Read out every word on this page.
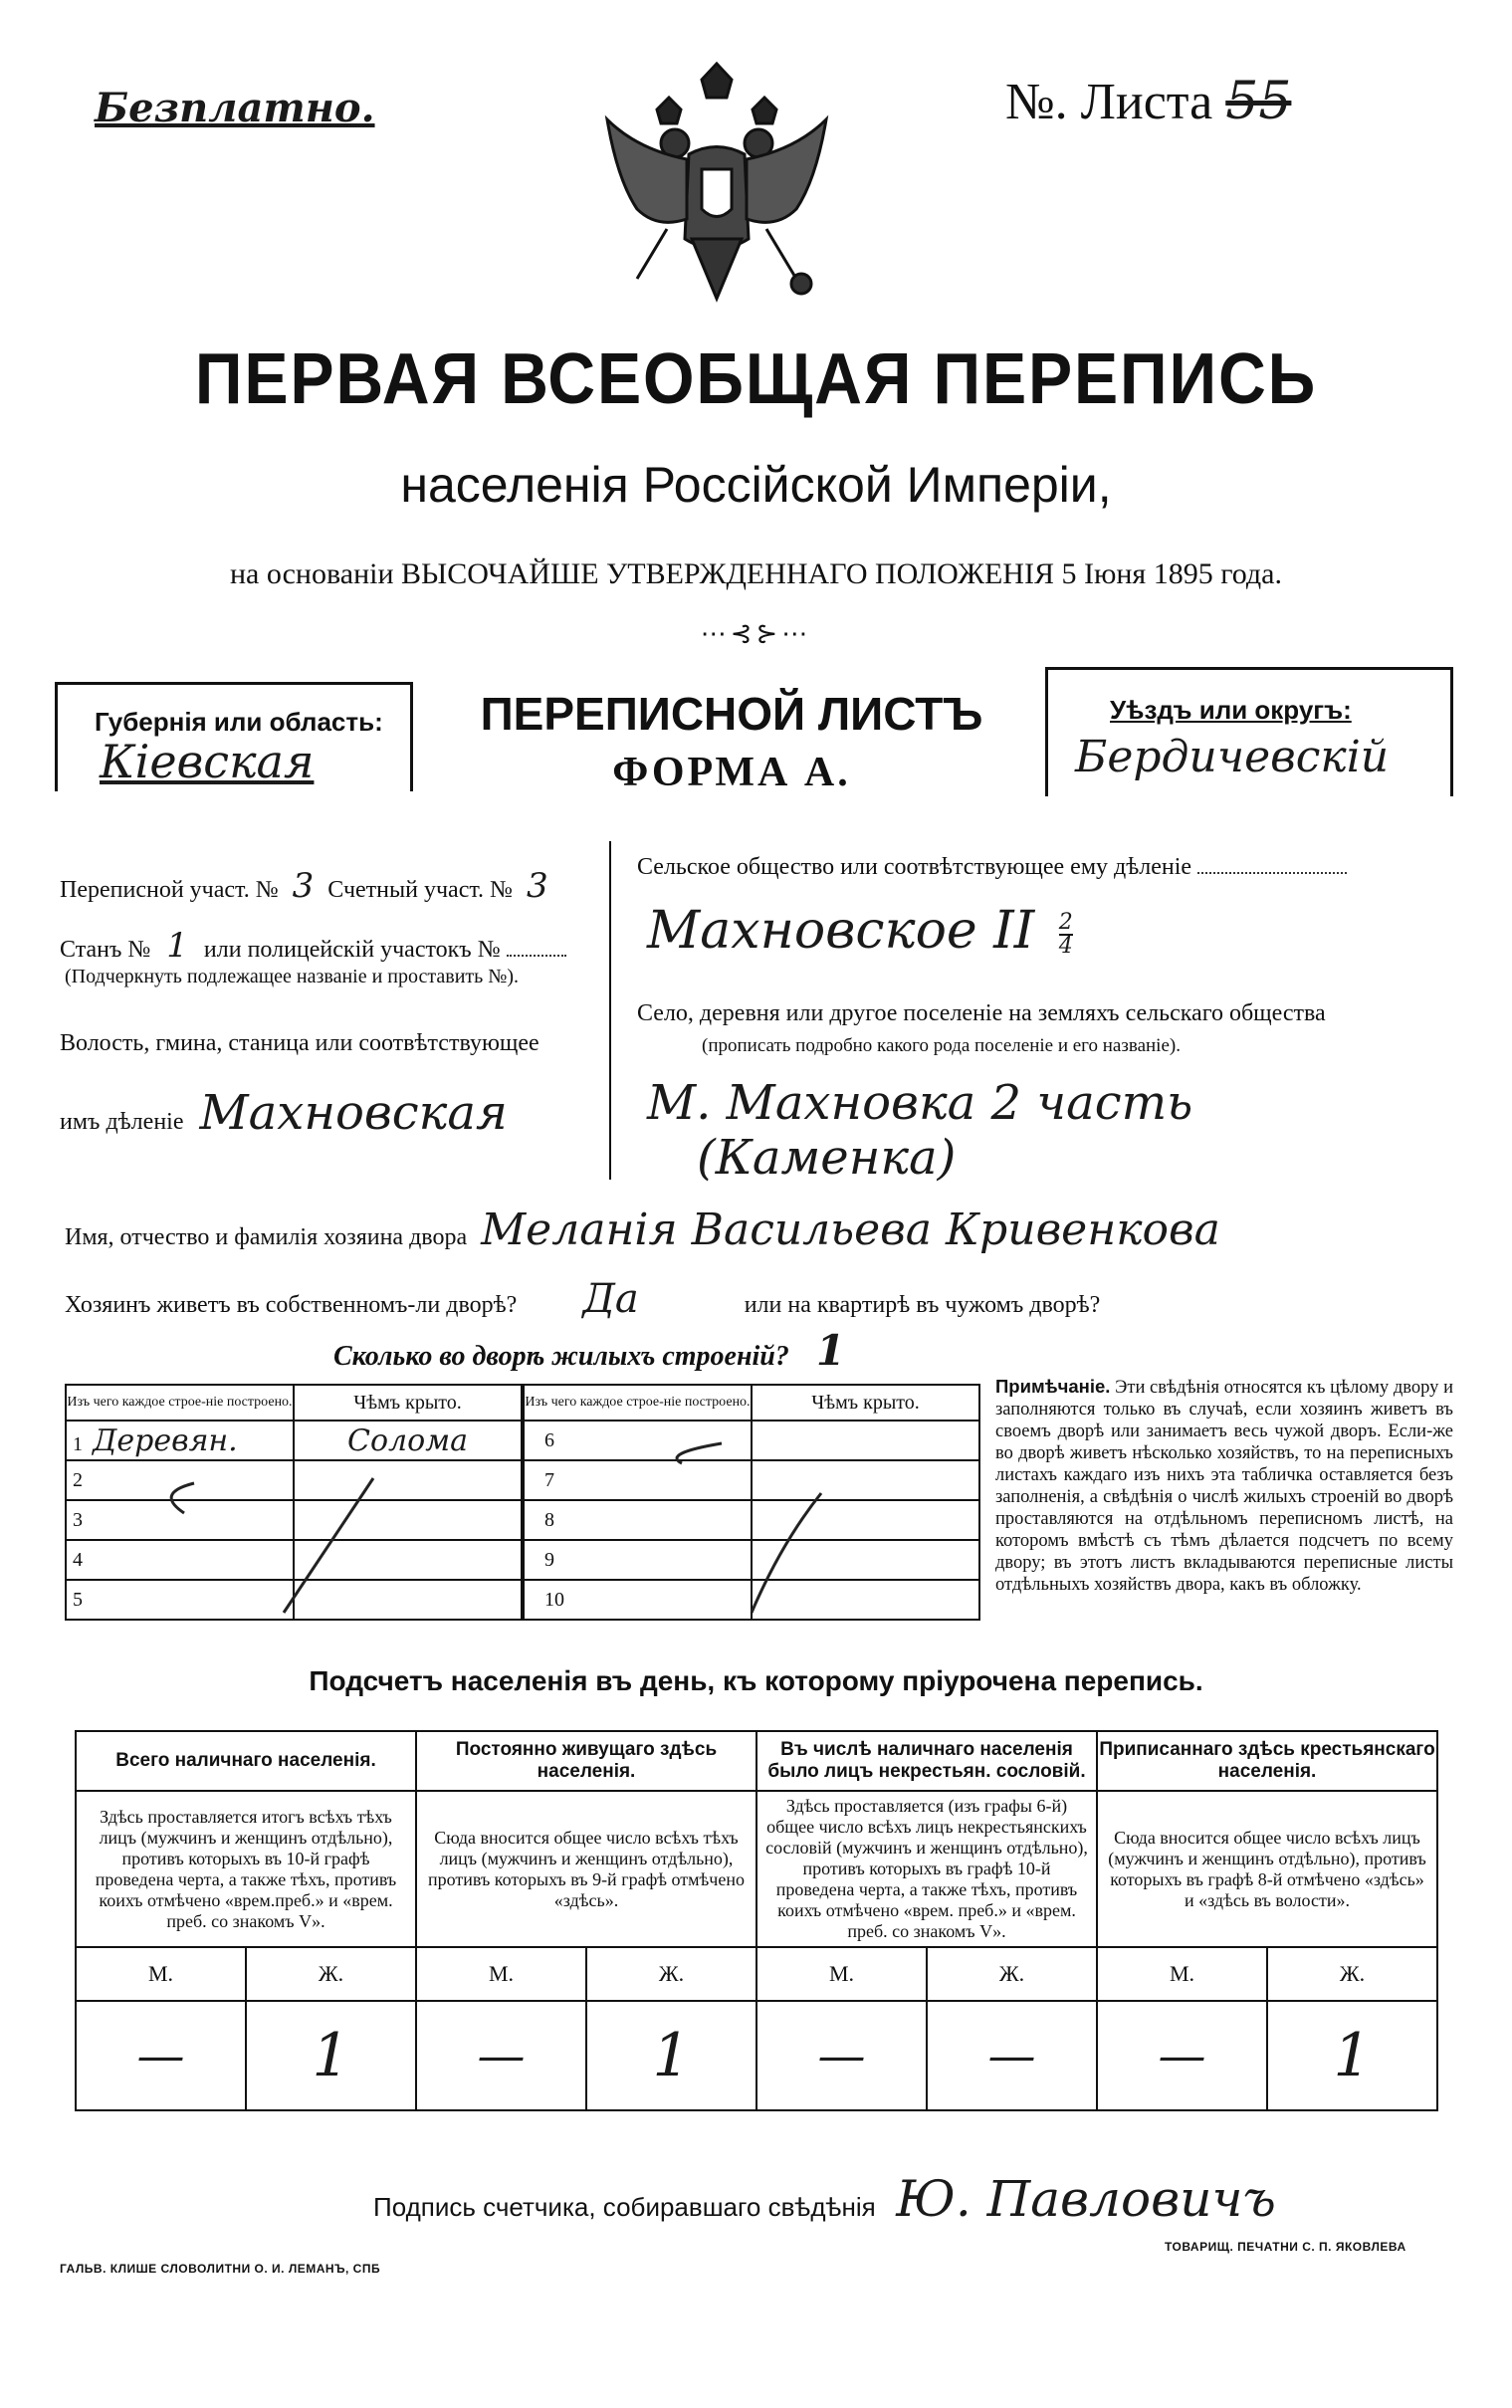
Безплатно.	№. Листа 55
ПЕРВАЯ ВСЕОБЩАЯ ПЕРЕПИСЬ
населенія Россійской Имперіи,
на основаніи ВЫСОЧАЙШЕ УТВЕРЖДЕННАГО ПОЛОЖЕНІЯ 5 Іюня 1895 года.
⋯⊰⊱⋯
Губернія или область:
Кіевская
ПЕРЕПИСНОЙ ЛИСТЪ
ФОРМА А.
Уѣздъ или округъ:
Бердичевскій
Переписной участ. № 3 Счетный участ. № 3
Станъ № 1 или полицейскій участокъ №
(Подчеркнуть подлежащее названіе и проставить №).
Волость, гмина, станица или соотвѣтствующее
имъ дѣленіе Махновская
Сельское общество или соотвѣтствующее ему дѣленіе
Махновское II $\frac{2}{4}$
Село, деревня или другое поселеніе на земляхъ сельскаго общества
(прописать подробно какого рода поселеніе и его названіе).
М. Махновка 2 часть
(Каменка)
Имя, отчество и фамилія хозяина двора Меланія Васильева Кривенкова
Хозяинъ живетъ въ собственномъ-ли дворѣ? Да	или на квартирѣ въ чужомъ дворѣ?
Сколько во дворѣ жилыхъ строеній? 1
Изъ чего каждое строе-ніе построено.	Чѣмъ крыто.
1 Деревян.	Солома
2	
3	
4	
5	
Изъ чего каждое строе-ніе построено.	Чѣмъ крыто.
6	
7	
8	
9	
10	
Примѣчаніе. Эти свѣдѣнія относятся къ цѣлому двору и заполняются только въ случаѣ, если хозяинъ живетъ въ своемъ дворѣ или занимаетъ весь чужой дворъ. Если-же во дворѣ живетъ нѣсколько хозяйствъ, то на переписныхъ листахъ каждаго изъ нихъ эта табличка оставляется безъ заполненія, а свѣдѣнія о числѣ жилыхъ строеній во дворѣ проставляются на отдѣльномъ переписномъ листѣ, на которомъ вмѣстѣ съ тѣмъ дѣлается подсчетъ по всему двору; въ этотъ листъ вкладываются переписные листы отдѣльныхъ хозяйствъ двора, какъ въ обложку.
Подсчетъ населенія въ день, къ которому пріурочена перепись.
Всего наличнаго населенія.		Постоянно живущаго здѣсь населенія.		Въ числѣ наличнаго населенія было лицъ некрестьян. сословій.		Приписаннаго здѣсь крестьянскаго населенія.	
Здѣсь проставляется итогъ всѣхъ тѣхъ лицъ (мужчинъ и женщинъ отдѣльно), противъ которыхъ въ 10-й графѣ проведена черта, а также тѣхъ, противъ коихъ отмѣчено «врем.преб.» и «врем. преб. со знакомъ V».		Сюда вносится общее число всѣхъ тѣхъ лицъ (мужчинъ и женщинъ отдѣльно), противъ которыхъ въ 9-й графѣ отмѣчено «здѣсь».		Здѣсь проставляется (изъ графы 6-й) общее число всѣхъ лицъ некрестьянскихъ сословій (мужчинъ и женщинъ отдѣльно), противъ которыхъ въ графѣ 10-й проведена черта, а также тѣхъ, противъ коихъ отмѣчено «врем. преб.» и «врем. преб. со знакомъ V».		Сюда вносится общее число всѣхъ лицъ (мужчинъ и женщинъ отдѣльно), противъ которыхъ въ графѣ 8-й отмѣчено «здѣсь» и «здѣсь въ волости».	
М.	Ж.	М.	Ж.	М.	Ж.	М.	Ж.
—	1	—	1	—	—	—	1
Подпись счетчика, собиравшаго свѣдѣнія Ю. Павловичъ
ГАЛЬВ. КЛИШЕ СЛОВОЛИТНИ О. И. ЛЕМАНЪ, СПБ
ТОВАРИЩ. ПЕЧАТНИ С. П. ЯКОВЛЕВА
